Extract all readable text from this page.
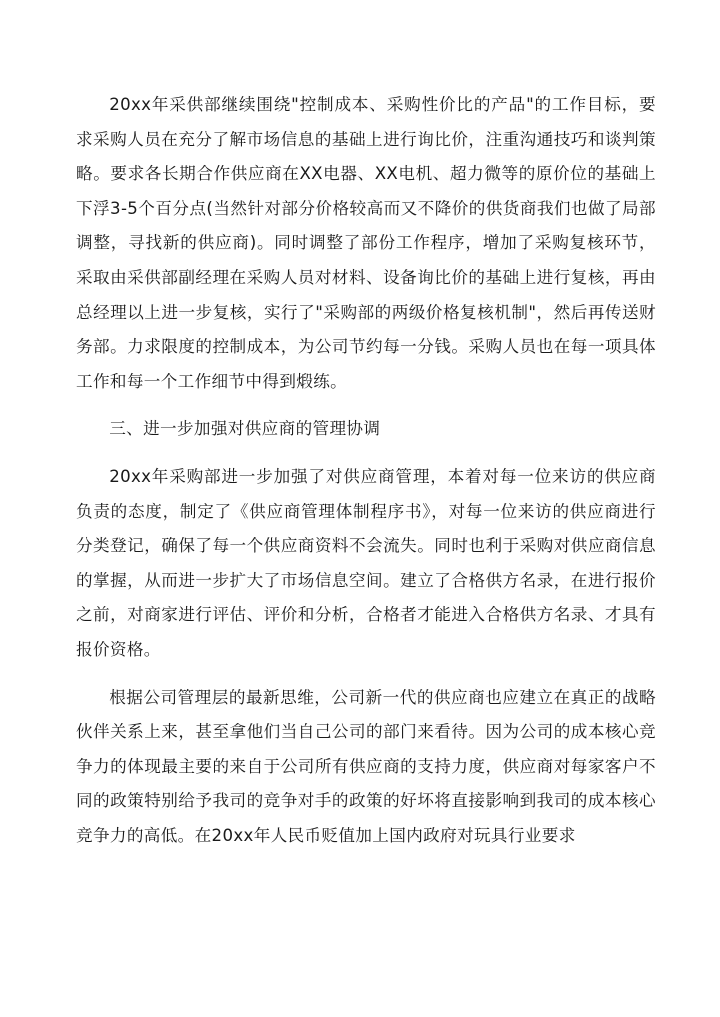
20xx年采供部继续围绕"控制成本、采购性价比的产品"的工作目标，要求采购人员在充分了解市场信息的基础上进行询比价，注重沟通技巧和谈判策略。要求各长期合作供应商在XX电器、XX电机、超力微等的原价位的基础上下浮3-5个百分点(当然针对部分价格较高而又不降价的供货商我们也做了局部调整，寻找新的供应商)。同时调整了部份工作程序，增加了采购复核环节，采取由采供部副经理在采购人员对材料、设备询比价的基础上进行复核，再由总经理以上进一步复核，实行了"采购部的两级价格复核机制"，然后再传送财务部。力求限度的控制成本，为公司节约每一分钱。采购人员也在每一项具体工作和每一个工作细节中得到煅练。

三、进一步加强对供应商的管理协调

20xx年采购部进一步加强了对供应商管理，本着对每一位来访的供应商负责的态度，制定了《供应商管理体制程序书》，对每一位来访的供应商进行分类登记，确保了每一个供应商资料不会流失。同时也利于采购对供应商信息的掌握，从而进一步扩大了市场信息空间。建立了合格供方名录，在进行报价之前，对商家进行评估、评价和分析，合格者才能进入合格供方名录、才具有报价资格。

根据公司管理层的最新思维，公司新一代的供应商也应建立在真正的战略伙伴关系上来，甚至拿他们当自己公司的部门来看待。因为公司的成本核心竞争力的体现最主要的来自于公司所有供应商的支持力度，供应商对每家客户不同的政策特别给予我司的竞争对手的政策的好坏将直接影响到我司的成本核心竞争力的高低。在20xx年人民币贬值加上国内政府对玩具行业要求
